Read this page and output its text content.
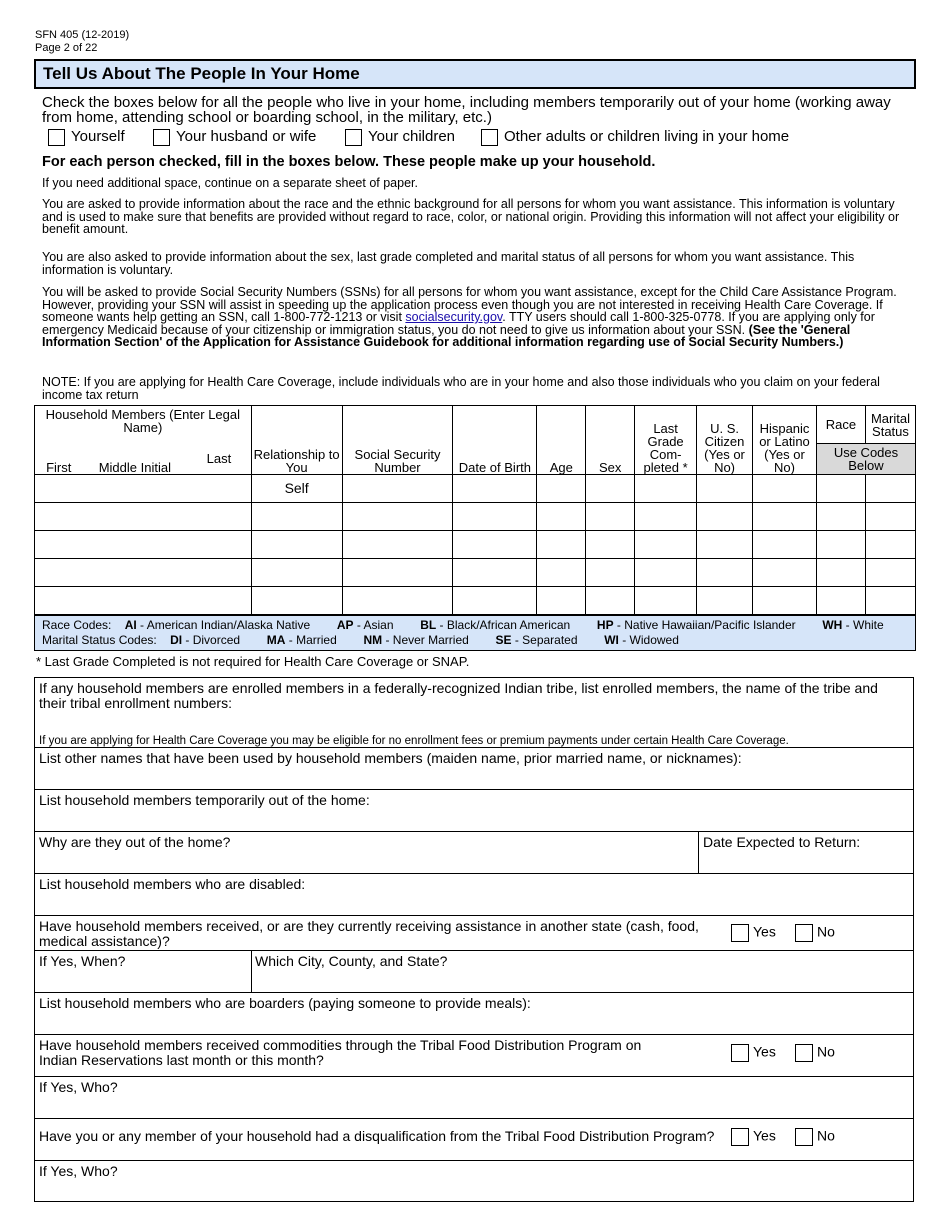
SFN 405 (12-2019)
Page 2 of 22
Tell Us About The People In Your Home
Check the boxes below for all the people who live in your home, including members temporarily out of your home (working away from home, attending school or boarding school, in the military, etc.)
Yourself	Your husband or wife	Your children	Other adults or children living in your home
For each person checked, fill in the boxes below. These people make up your household.
If you need additional space, continue on a separate sheet of paper.
You are asked to provide information about the race and the ethnic background for all persons for whom you want assistance. This information is voluntary and is used to make sure that benefits are provided without regard to race, color, or national origin. Providing this information will not affect your eligibility or benefit amount.
You are also asked to provide information about the sex, last grade completed and marital status of all persons for whom you want assistance. This information is voluntary.
You will be asked to provide Social Security Numbers (SSNs) for all persons for whom you want assistance, except for the Child Care Assistance Program. However, providing your SSN will assist in speeding up the application process even though you are not interested in receiving Health Care Coverage. If someone wants help getting an SSN, call 1-800-772-1213 or visit socialsecurity.gov. TTY users should call 1-800-325-0778. If you are applying only for emergency Medicaid because of your citizenship or immigration status, you do not need to give us information about your SSN. (See the 'General Information Section' of the Application for Assistance Guidebook for additional information regarding use of Social Security Numbers.)
NOTE: If you are applying for Health Care Coverage, include individuals who are in your home and also those individuals who you claim on your federal income tax return
Household Members (Enter Legal Name)			Relationship to You	Social Security Number	Date of Birth	Age	Sex	Last Grade Com- pleted *	U. S. Citizen (Yes or No)	Hispanic or Latino (Yes or No)	Race	Marital Status
First	Middle Initial	Last									Use Codes Below	
			Self									

Race Codes: AI - American Indian/Alaska Native AP - Asian BL - Black/African American HP - Native Hawaiian/Pacific Islander WH - White
Marital Status Codes: DI - Divorced MA - Married NM - Never Married SE - Separated WI - Widowed
* Last Grade Completed is not required for Health Care Coverage or SNAP.
If any household members are enrolled members in a federally-recognized Indian tribe, list enrolled members, the name of the tribe and their tribal enrollment numbers:
If you are applying for Health Care Coverage you may be eligible for no enrollment fees or premium payments under certain Health Care Coverage.
List other names that have been used by household members (maiden name, prior married name, or nicknames):
List household members temporarily out of the home:
Why are they out of the home?	Date Expected to Return:
List household members who are disabled:
Have household members received, or are they currently receiving assistance in another state (cash, food, medical assistance)?
Yes	No
If Yes, When?	Which City, County, and State?
List household members who are boarders (paying someone to provide meals):
Have household members received commodities through the Tribal Food Distribution Program on Indian Reservations last month or this month?
Yes	No
If Yes, Who?
Have you or any member of your household had a disqualification from the Tribal Food Distribution Program?	Yes	No
If Yes, Who?
